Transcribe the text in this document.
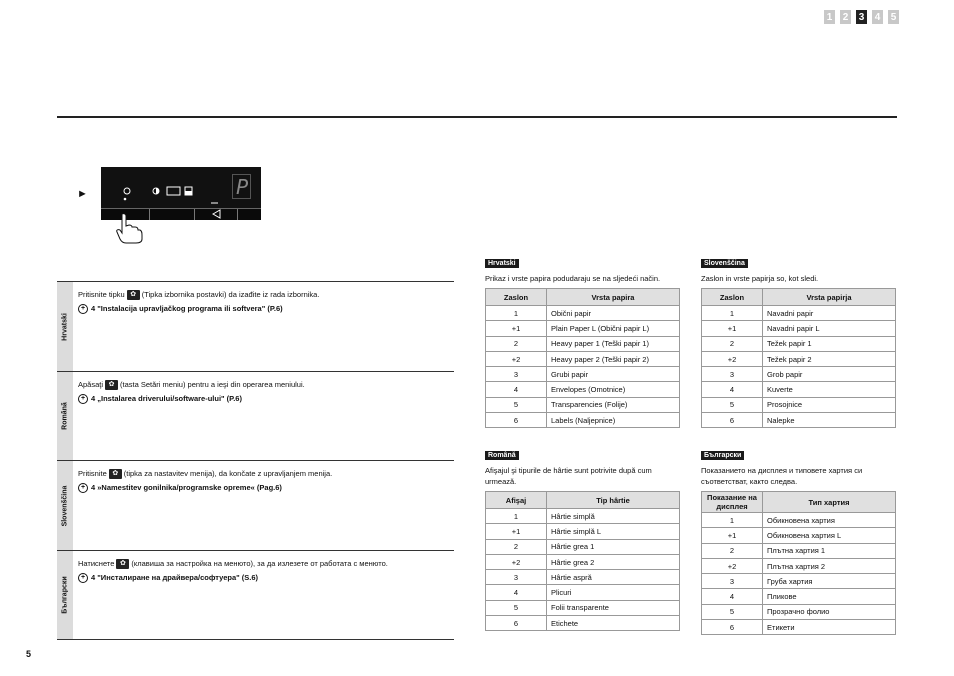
1 2 3 4 5
►	P
Hrvatski
Pritisnite tipku ✿ (Tipka izbornika postavki) da izađite iz rada izbornika.
+ 4 "Instalacija upravljačkog programa ili softvera" (P.6)
Română
Apăsaţi ✿ (tasta Setări meniu) pentru a ieşi din operarea meniului.
+ 4 „Instalarea driverului/software-ului" (P.6)
Slovenščina
Pritisnite ✿ (tipka za nastavitev menija), da končate z upravljanjem menija.
+ 4 »Namestitev gonilnika/programske opreme« (Pag.6)
Български
Натиснете ✿ (клавиша за настройка на менюто), за да излезете от работата с менюто.
+ 4 "Инсталиране на драйвера/софтуера" (S.6)
Hrvatski
Prikaz i vrste papira podudaraju se na sljedeći način.
Zaslon	Vrsta papira
1	Obični papir
+1	Plain Paper L (Obični papir L)
2	Heavy paper 1 (Teški papir 1)
+2	Heavy paper 2 (Teški papir 2)
3	Grubi papir
4	Envelopes (Omotnice)
5	Transparencies (Folije)
6	Labels (Naljepnice)
Slovenščina
Zaslon in vrste papirja so, kot sledi.
Zaslon	Vrsta papirja
1	Navadni papir
+1	Navadni papir L
2	Težek papir 1
+2	Težek papir 2
3	Grob papir
4	Kuverte
5	Prosojnice
6	Nalepke
Română
Afişajul şi tipurile de hârtie sunt potrivite după cum urmează.
Afişaj	Tip hârtie
1	Hârtie simplă
+1	Hârtie simplă L
2	Hârtie grea 1
+2	Hârtie grea 2
3	Hârtie aspră
4	Plicuri
5	Folii transparente
6	Etichete
Български
Показанието на дисплея и типовете хартия си съответстват, както следва.
Показание на дисплея	Тип хартия
1	Обикновена хартия
+1	Обикновена хартия L
2	Плътна хартия 1
+2	Плътна хартия 2
3	Груба хартия
4	Пликове
5	Прозрачно фолио
6	Етикети
5
